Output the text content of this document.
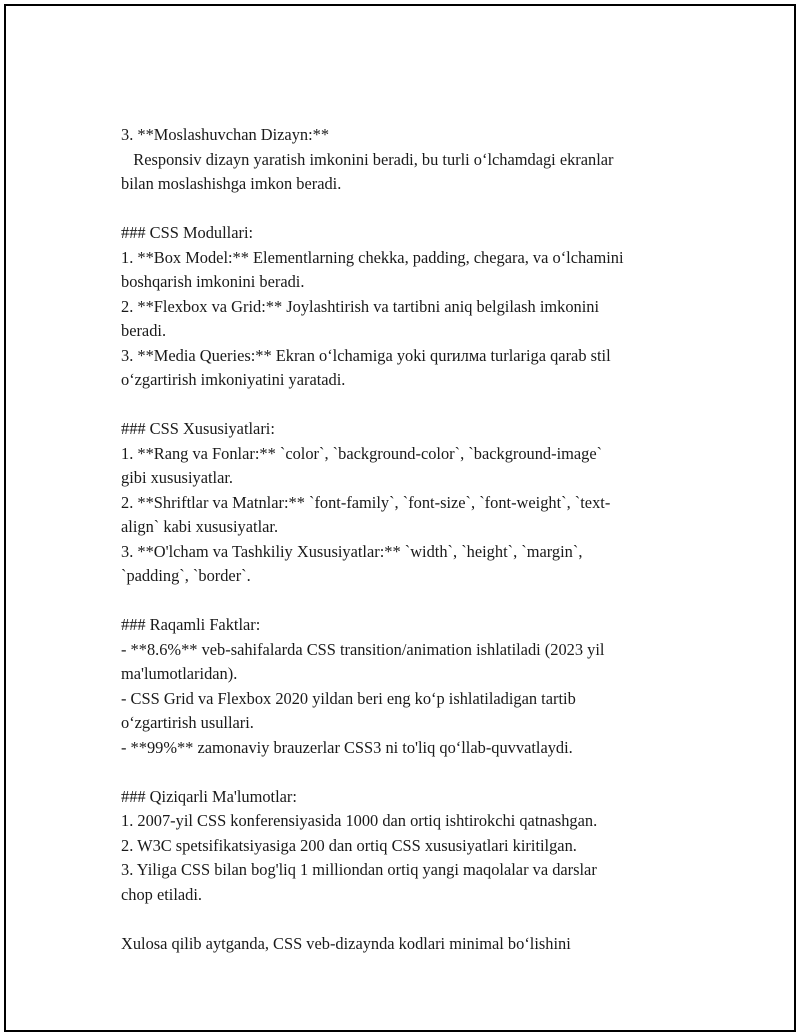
3. **Moslashuvchan Dizayn:**
Responsiv dizayn yaratish imkonini beradi, bu turli o‘lchamdagi ekranlar
bilan moslashishga imkon beradi.
### CSS Modullari:
1. **Box Model:** Elementlarning chekka, padding, chegara, va o‘lchamini
boshqarish imkonini beradi.
2. **Flexbox va Grid:** Joylashtirish va tartibni aniq belgilash imkonini
beradi.
3. **Media Queries:** Ekran o‘lchamiga yoki qurилма turlariga qarab stil
o‘zgartirish imkoniyatini yaratadi.
### CSS Xususiyatlari:
1. **Rang va Fonlar:** `color`, `background-color`, `background-image`
gibi xususiyatlar.
2. **Shriftlar va Matnlar:** `font-family`, `font-size`, `font-weight`, `text-
align` kabi xususiyatlar.
3. **O'lcham va Tashkiliy Xususiyatlar:** `width`, `height`, `margin`,
`padding`, `border`.
### Raqamli Faktlar:
- **8.6%** veb-sahifalarda CSS transition/animation ishlatiladi (2023 yil
ma'lumotlaridan).
- CSS Grid va Flexbox 2020 yildan beri eng ko‘p ishlatiladigan tartib
o‘zgartirish usullari.
- **99%** zamonaviy brauzerlar CSS3 ni to'liq qo‘llab-quvvatlaydi.
### Qiziqarli Ma'lumotlar:
1. 2007-yil CSS konferensiyasida 1000 dan ortiq ishtirokchi qatnashgan.
2. W3C spetsifikatsiyasiga 200 dan ortiq CSS xususiyatlari kiritilgan.
3. Yiliga CSS bilan bog'liq 1 milliondan ortiq yangi maqolalar va darslar
chop etiladi.
Xulosa qilib aytganda, CSS veb-dizaynda kodlari minimal bo‘lishini
